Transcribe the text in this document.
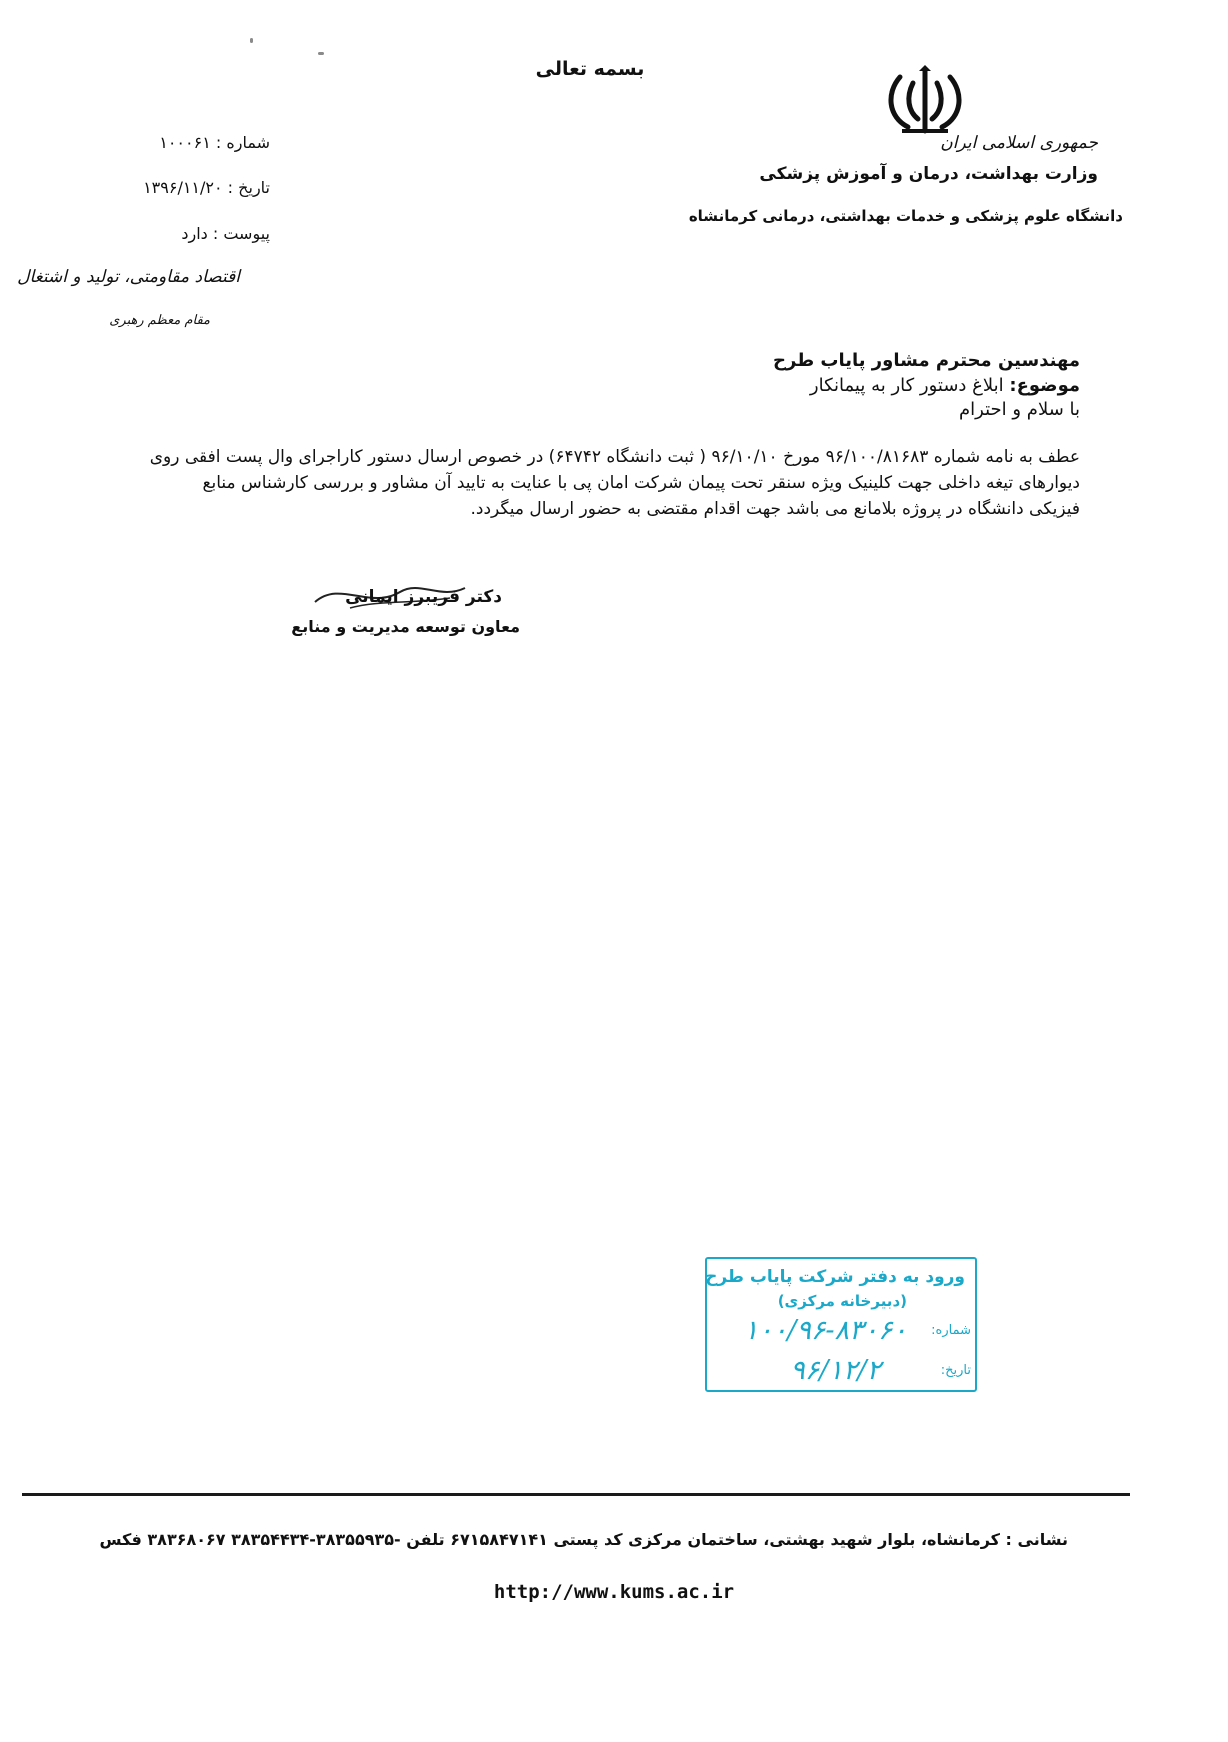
بسمه تعالی
جمهوری اسلامی ایران
وزارت بهداشت، درمان و آموزش پزشکی
دانشگاه علوم پزشکی و خدمات بهداشتی، درمانی کرمانشاه
شماره : ۱۰۰۰۶۱
تاریخ : ۱۳۹۶/۱۱/۲۰
پیوست : دارد
اقتصاد مقاومتی، تولید و اشتغال
مقام معظم رهبری
مهندسین محترم مشاور پایاب طرح
موضوع: ابلاغ دستور کار به پیمانکار
با سلام و احترام
عطف به نامه شماره ۹۶/۱۰۰/۸۱۶۸۳ مورخ ۹۶/۱۰/۱۰ ( ثبت دانشگاه ۶۴۷۴۲) در خصوص ارسال دستور کاراجرای وال پست افقی روی
دیوارهای تیغه داخلی جهت کلینیک ویژه سنقر تحت پیمان شرکت امان پی با عنایت به تایید آن مشاور و بررسی کارشناس منابع
فیزیکی دانشگاه در پروژه بلامانع می باشد جهت اقدام مقتضی به حضور ارسال میگردد.
دکتر فریبرز ایمانی
معاون توسعه مدیریت و منابع
ورود به دفتر شرکت پایاب طرح
(دبیرخانه مرکزی)
شماره:
۱۰۰/۹۶-۸۳۰۶۰
تاریخ:
۹۶/۱۲/۲
نشانی : کرمانشاه، بلوار شهید بهشتی، ساختمان مرکزی کد پستی ۶۷۱۵۸۴۷۱۴۱ تلفن -۳۸۳۵۵۹۳۵-۳۸۳۵۴۴۳۴ ۳۸۳۶۸۰۶۷ فکس
http://www.kums.ac.ir
